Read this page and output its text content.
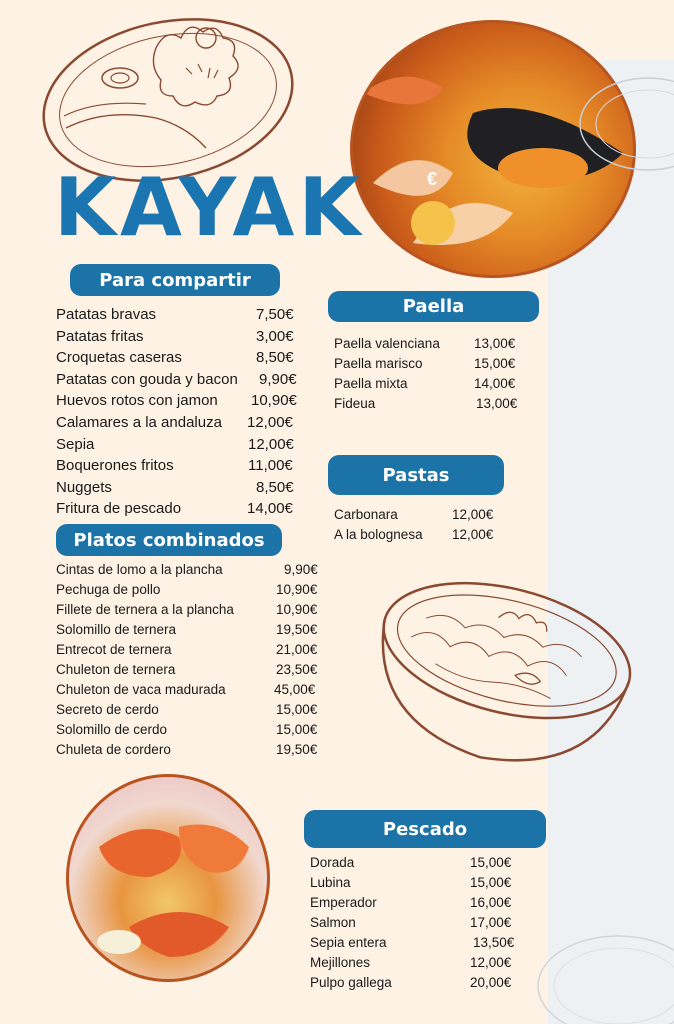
€
KAYAK
Para compartir
Patatas bravas	7,50€
Patatas fritas	3,00€
Croquetas caseras	8,50€
Patatas con gouda y bacon 9,90€
Huevos rotos con jamon 10,90€
Calamares a la andaluza 12,00€
Sepia	12,00€
Boquerones fritos	11,00€
Nuggets	8,50€
Fritura de pescado	14,00€
Platos combinados
Cintas de lomo a la plancha	9,90€
Pechuga de pollo	10,90€
Fillete de ternera a la plancha	10,90€
Solomillo de ternera	19,50€
Entrecot de ternera	21,00€
Chuleton de ternera	23,50€
Chuleton de vaca madurada	45,00€
Secreto de cerdo	15,00€
Solomillo de cerdo	15,00€
Chuleta de cordero	19,50€
Paella
Paella valenciana	13,00€
Paella marisco	15,00€
Paella mixta	14,00€
Fideua	13,00€
Pastas
Carbonara	12,00€
A la bolognesa 12,00€
Pescado
Dorada	15,00€
Lubina	15,00€
Emperador	16,00€
Salmon	17,00€
Sepia entera	13,50€
Mejillones	12,00€
Pulpo gallega	20,00€
